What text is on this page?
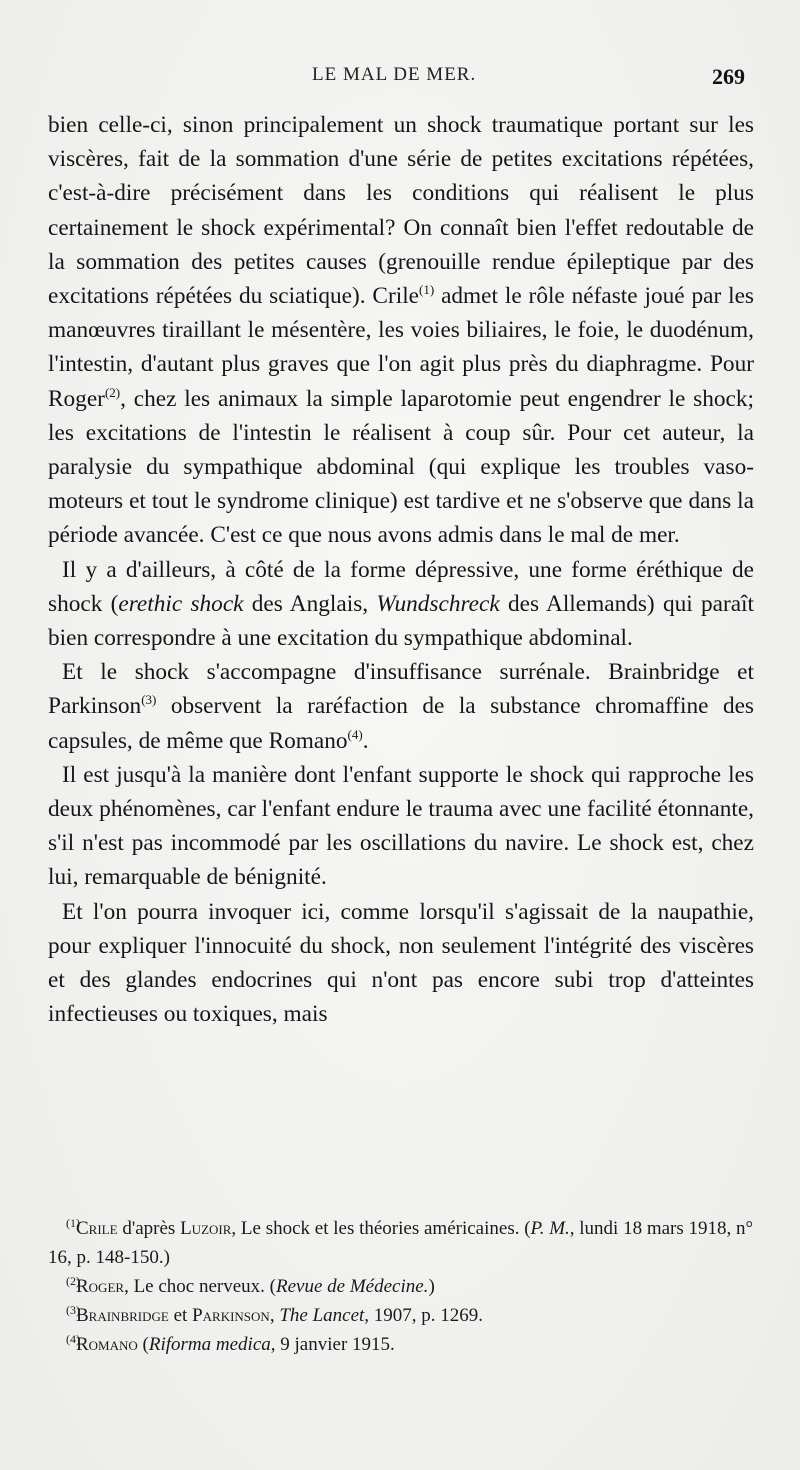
LE MAL DE MER.	269

bien celle-ci, sinon principalement un shock traumatique portant sur les viscères, fait de la sommation d'une série de petites excitations répétées, c'est-à-dire précisément dans les conditions qui réalisent le plus certainement le shock expérimental? On connaît bien l'effet redoutable de la sommation des petites causes (grenouille rendue épileptique par des excitations répétées du sciatique). Crile$^{(1)}$ admet le rôle néfaste joué par les manœuvres tiraillant le mésentère, les voies biliaires, le foie, le duodénum, l'intestin, d'autant plus graves que l'on agit plus près du diaphragme. Pour Roger$^{(2)}$, chez les animaux la simple laparotomie peut engendrer le shock; les excitations de l'intestin le réalisent à coup sûr. Pour cet auteur, la paralysie du sympathique abdominal (qui explique les troubles vaso-moteurs et tout le syndrome clinique) est tardive et ne s'observe que dans la période avancée. C'est ce que nous avons admis dans le mal de mer.

Il y a d'ailleurs, à côté de la forme dépressive, une forme éréthique de shock (erethic shock des Anglais, Wundschreck des Allemands) qui paraît bien correspondre à une excitation du sympathique abdominal.

Et le shock s'accompagne d'insuffisance surrénale. Brainbridge et Parkinson$^{(3)}$ observent la raréfaction de la substance chromaffine des capsules, de même que Romano$^{(4)}$.

Il est jusqu'à la manière dont l'enfant supporte le shock qui rapproche les deux phénomènes, car l'enfant endure le trauma avec une facilité étonnante, s'il n'est pas incommodé par les oscillations du navire. Le shock est, chez lui, remarquable de bénignité.

Et l'on pourra invoquer ici, comme lorsqu'il s'agissait de la naupathie, pour expliquer l'innocuité du shock, non seulement l'intégrité des viscères et des glandes endocrines qui n'ont pas encore subi trop d'atteintes infectieuses ou toxiques, mais

(1)Crile d'après Luzoir, Le shock et les théories américaines. (P. M., lundi 18 mars 1918, n° 16, p. 148-150.)

(2)Roger, Le choc nerveux. (Revue de Médecine.)

(3)Brainbridge et Parkinson, The Lancet, 1907, p. 1269.

(4)Romano (Riforma medica, 9 janvier 1915.
